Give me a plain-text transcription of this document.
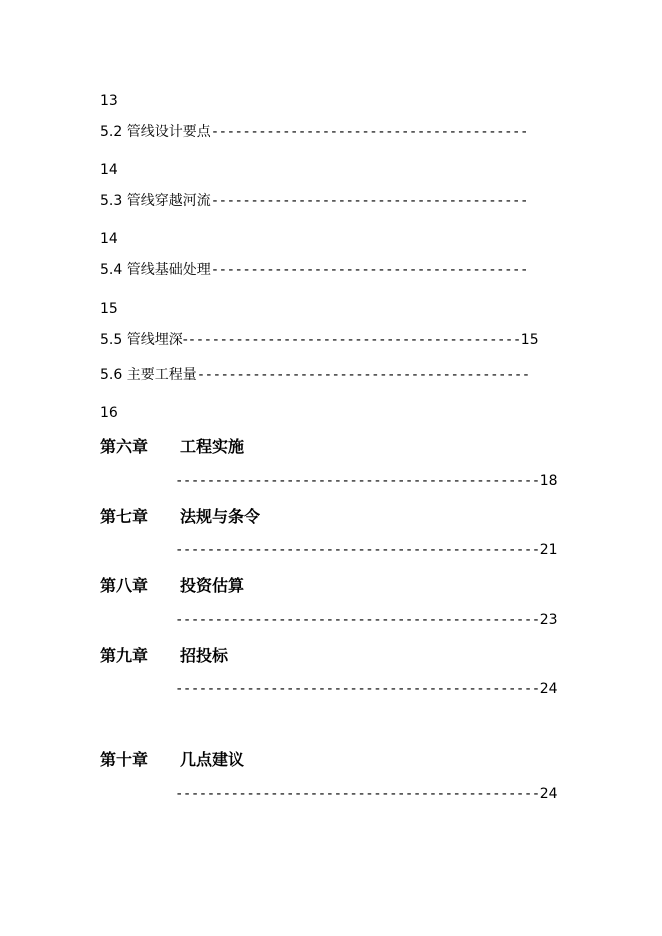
13
5.2 管线设计要点----------------------------------------
14
5.3 管线穿越河流----------------------------------------
14
5.4 管线基础处理----------------------------------------
15
5.5 管线埋深-------------------------------------------15
5.6 主要工程量------------------------------------------
16
第六章 工程实施
----------------------------------------------18
第七章 法规与条令
----------------------------------------------21
第八章 投资估算
----------------------------------------------23
第九章 招投标
----------------------------------------------24
第十章 几点建议
----------------------------------------------24
